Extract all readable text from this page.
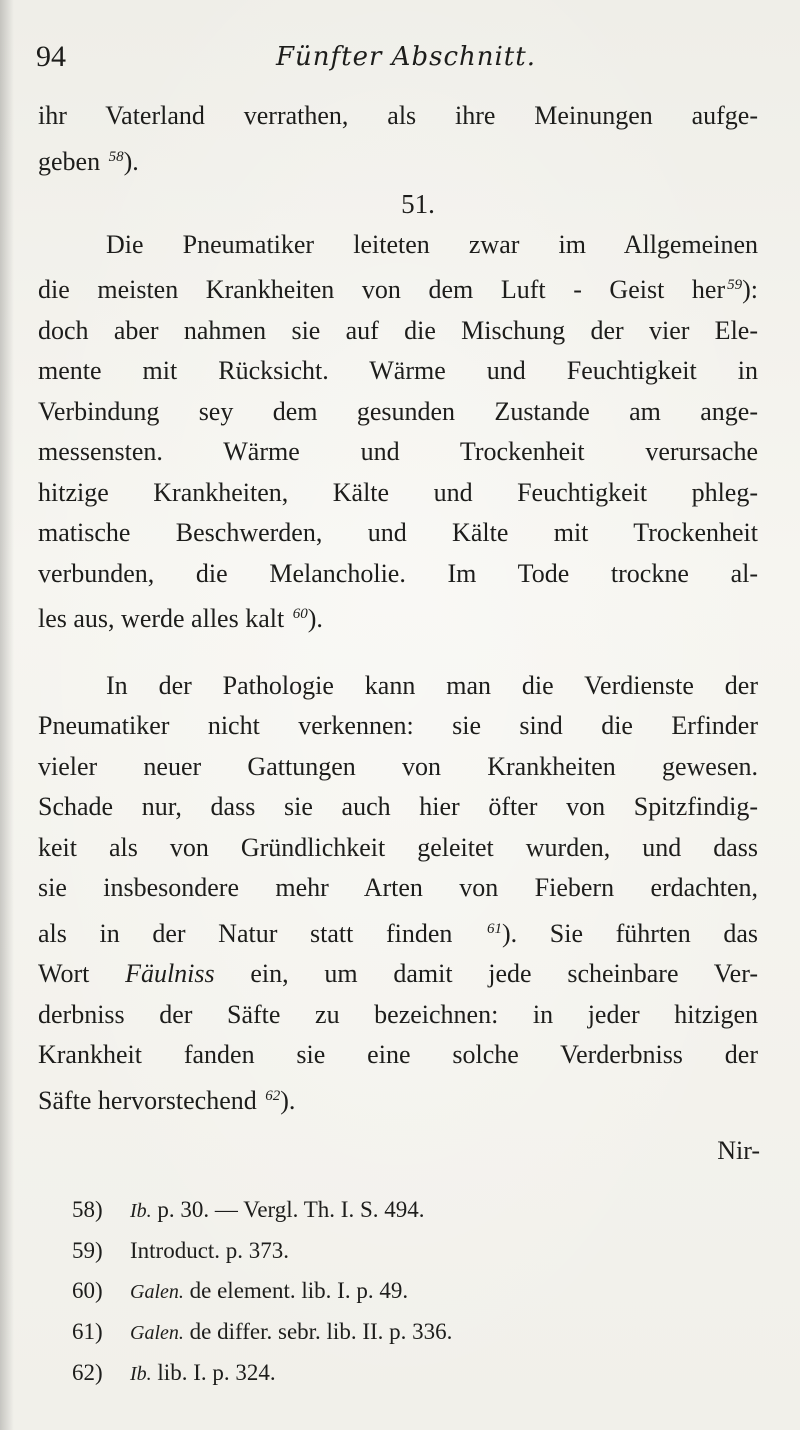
94	Fünfter Abschnitt.
ihr Vaterland verrathen, als ihre Meinungen aufge-
geben $^{58}$).
51.
Die Pneumatiker leiteten zwar im Allgemeinen
die meisten Krankheiten von dem Luft - Geist her $^{59}$):
doch aber nahmen sie auf die Mischung der vier Ele-
mente mit Rücksicht. Wärme und Feuchtigkeit in
Verbindung sey dem gesunden Zustande am ange-
messensten. Wärme und Trockenheit verursache
hitzige Krankheiten, Kälte und Feuchtigkeit phleg-
matische Beschwerden, und Kälte mit Trockenheit
verbunden, die Melancholie. Im Tode trockne al-
les aus, werde alles kalt $^{60}$).
In der Pathologie kann man die Verdienste der
Pneumatiker nicht verkennen: sie sind die Erfinder
vieler neuer Gattungen von Krankheiten gewesen.
Schade nur, dass sie auch hier öfter von Spitzfindig-
keit als von Gründlichkeit geleitet wurden, und dass
sie insbesondere mehr Arten von Fiebern erdachten,
als in der Natur statt finden $^{61}$). Sie führten das
Wort Fäulniss ein, um damit jede scheinbare Ver-
derbniss der Säfte zu bezeichnen: in jeder hitzigen
Krankheit fanden sie eine solche Verderbniss der
Säfte hervorstechend $^{62}$).
Nir-
58) Ib. p. 30. — Vergl. Th. I. S. 494.
59) Introduct. p. 373.
60) Galen. de element. lib. I. p. 49.
61) Galen. de differ. sebr. lib. II. p. 336.
62) Ib. lib. I. p. 324.
